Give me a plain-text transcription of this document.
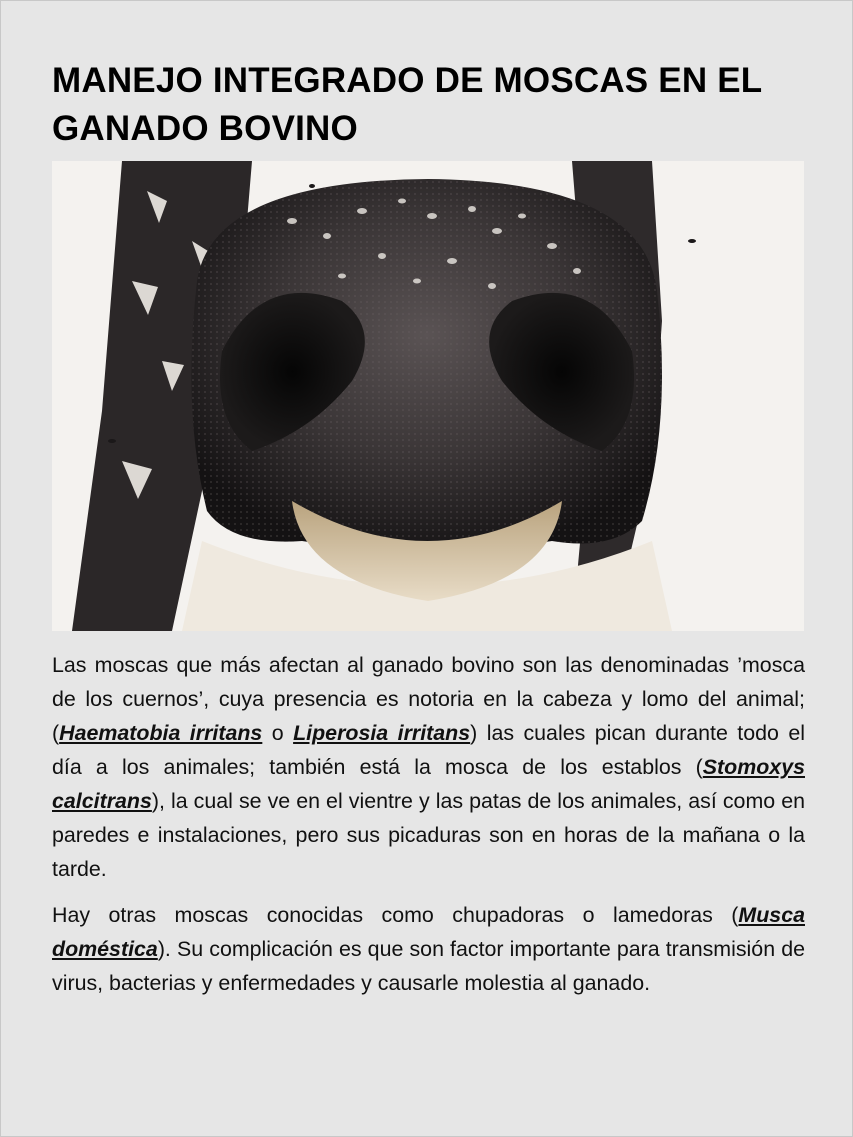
MANEJO INTEGRADO DE MOSCAS EN EL GANADO BOVINO

Las moscas que más afectan al ganado bovino son las denominadas ’mosca de los cuernos’, cuya presencia es notoria en la cabeza y lomo del animal; (Haematobia irritans o Liperosia irritans) las cuales pican durante todo el día a los animales; también está la mosca de los establos (Stomoxys calcitrans), la cual se ve en el vientre y las patas de los animales, así como en paredes e instalaciones, pero sus picaduras son en horas de la mañana o la tarde.

Hay otras moscas conocidas como chupadoras o lamedoras (Musca doméstica). Su complicación es que son factor importante para transmisión de virus, bacterias y enfermedades y causarle molestia al ganado.
